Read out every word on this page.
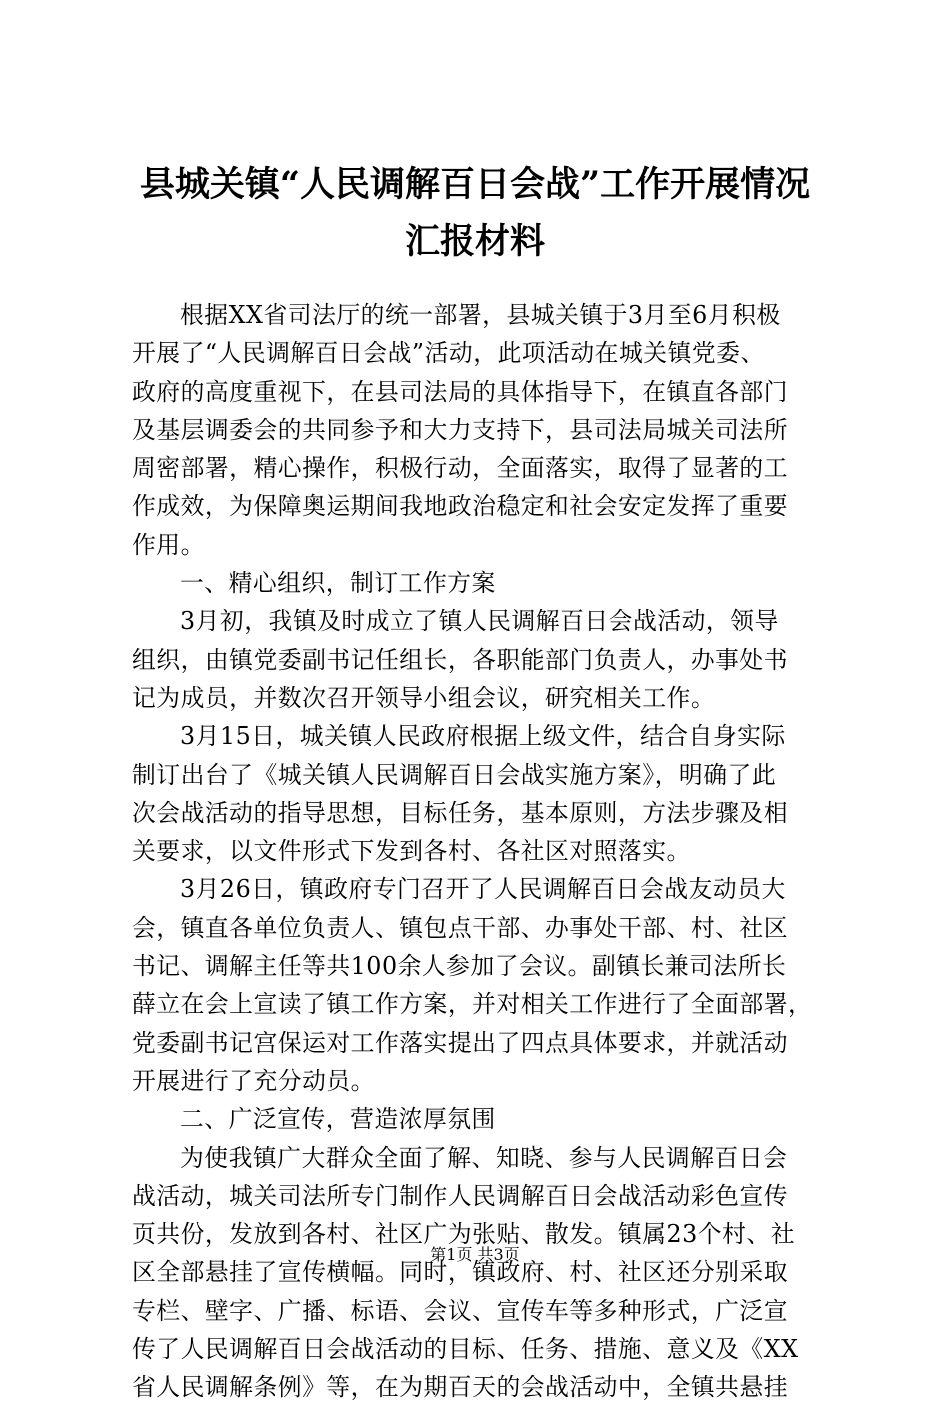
县城关镇“人民调解百日会战”工作开展情况
汇报材料
根据XX省司法厅的统一部署，县城关镇于3月至6月积极
开展了“人民调解百日会战”活动，此项活动在城关镇党委、
政府的高度重视下，在县司法局的具体指导下，在镇直各部门
及基层调委会的共同参予和大力支持下，县司法局城关司法所
周密部署，精心操作，积极行动，全面落实，取得了显著的工
作成效，为保障奥运期间我地政治稳定和社会安定发挥了重要
作用。
一、精心组织，制订工作方案
3月初，我镇及时成立了镇人民调解百日会战活动，领导
组织，由镇党委副书记任组长，各职能部门负责人，办事处书
记为成员，并数次召开领导小组会议，研究相关工作。
3月15日，城关镇人民政府根据上级文件，结合自身实际
制订出台了《城关镇人民调解百日会战实施方案》，明确了此
次会战活动的指导思想，目标任务，基本原则，方法步骤及相
关要求，以文件形式下发到各村、各社区对照落实。
3月26日，镇政府专门召开了人民调解百日会战友动员大
会，镇直各单位负责人、镇包点干部、办事处干部、村、社区
书记、调解主任等共100余人参加了会议。副镇长兼司法所长
薛立在会上宣读了镇工作方案，并对相关工作进行了全面部署，
党委副书记宫保运对工作落实提出了四点具体要求，并就活动
开展进行了充分动员。
二、广泛宣传，营造浓厚氛围
为使我镇广大群众全面了解、知晓、参与人民调解百日会
战活动，城关司法所专门制作人民调解百日会战活动彩色宣传
页共份，发放到各村、社区广为张贴、散发。镇属23个村、社
区全部悬挂了宣传横幅。同时，镇政府、村、社区还分别采取
专栏、壁字、广播、标语、会议、宣传车等多种形式，广泛宣
传了人民调解百日会战活动的目标、任务、措施、意义及《XX
省人民调解条例》等，在为期百天的会战活动中，全镇共悬挂
第1页 共3页
